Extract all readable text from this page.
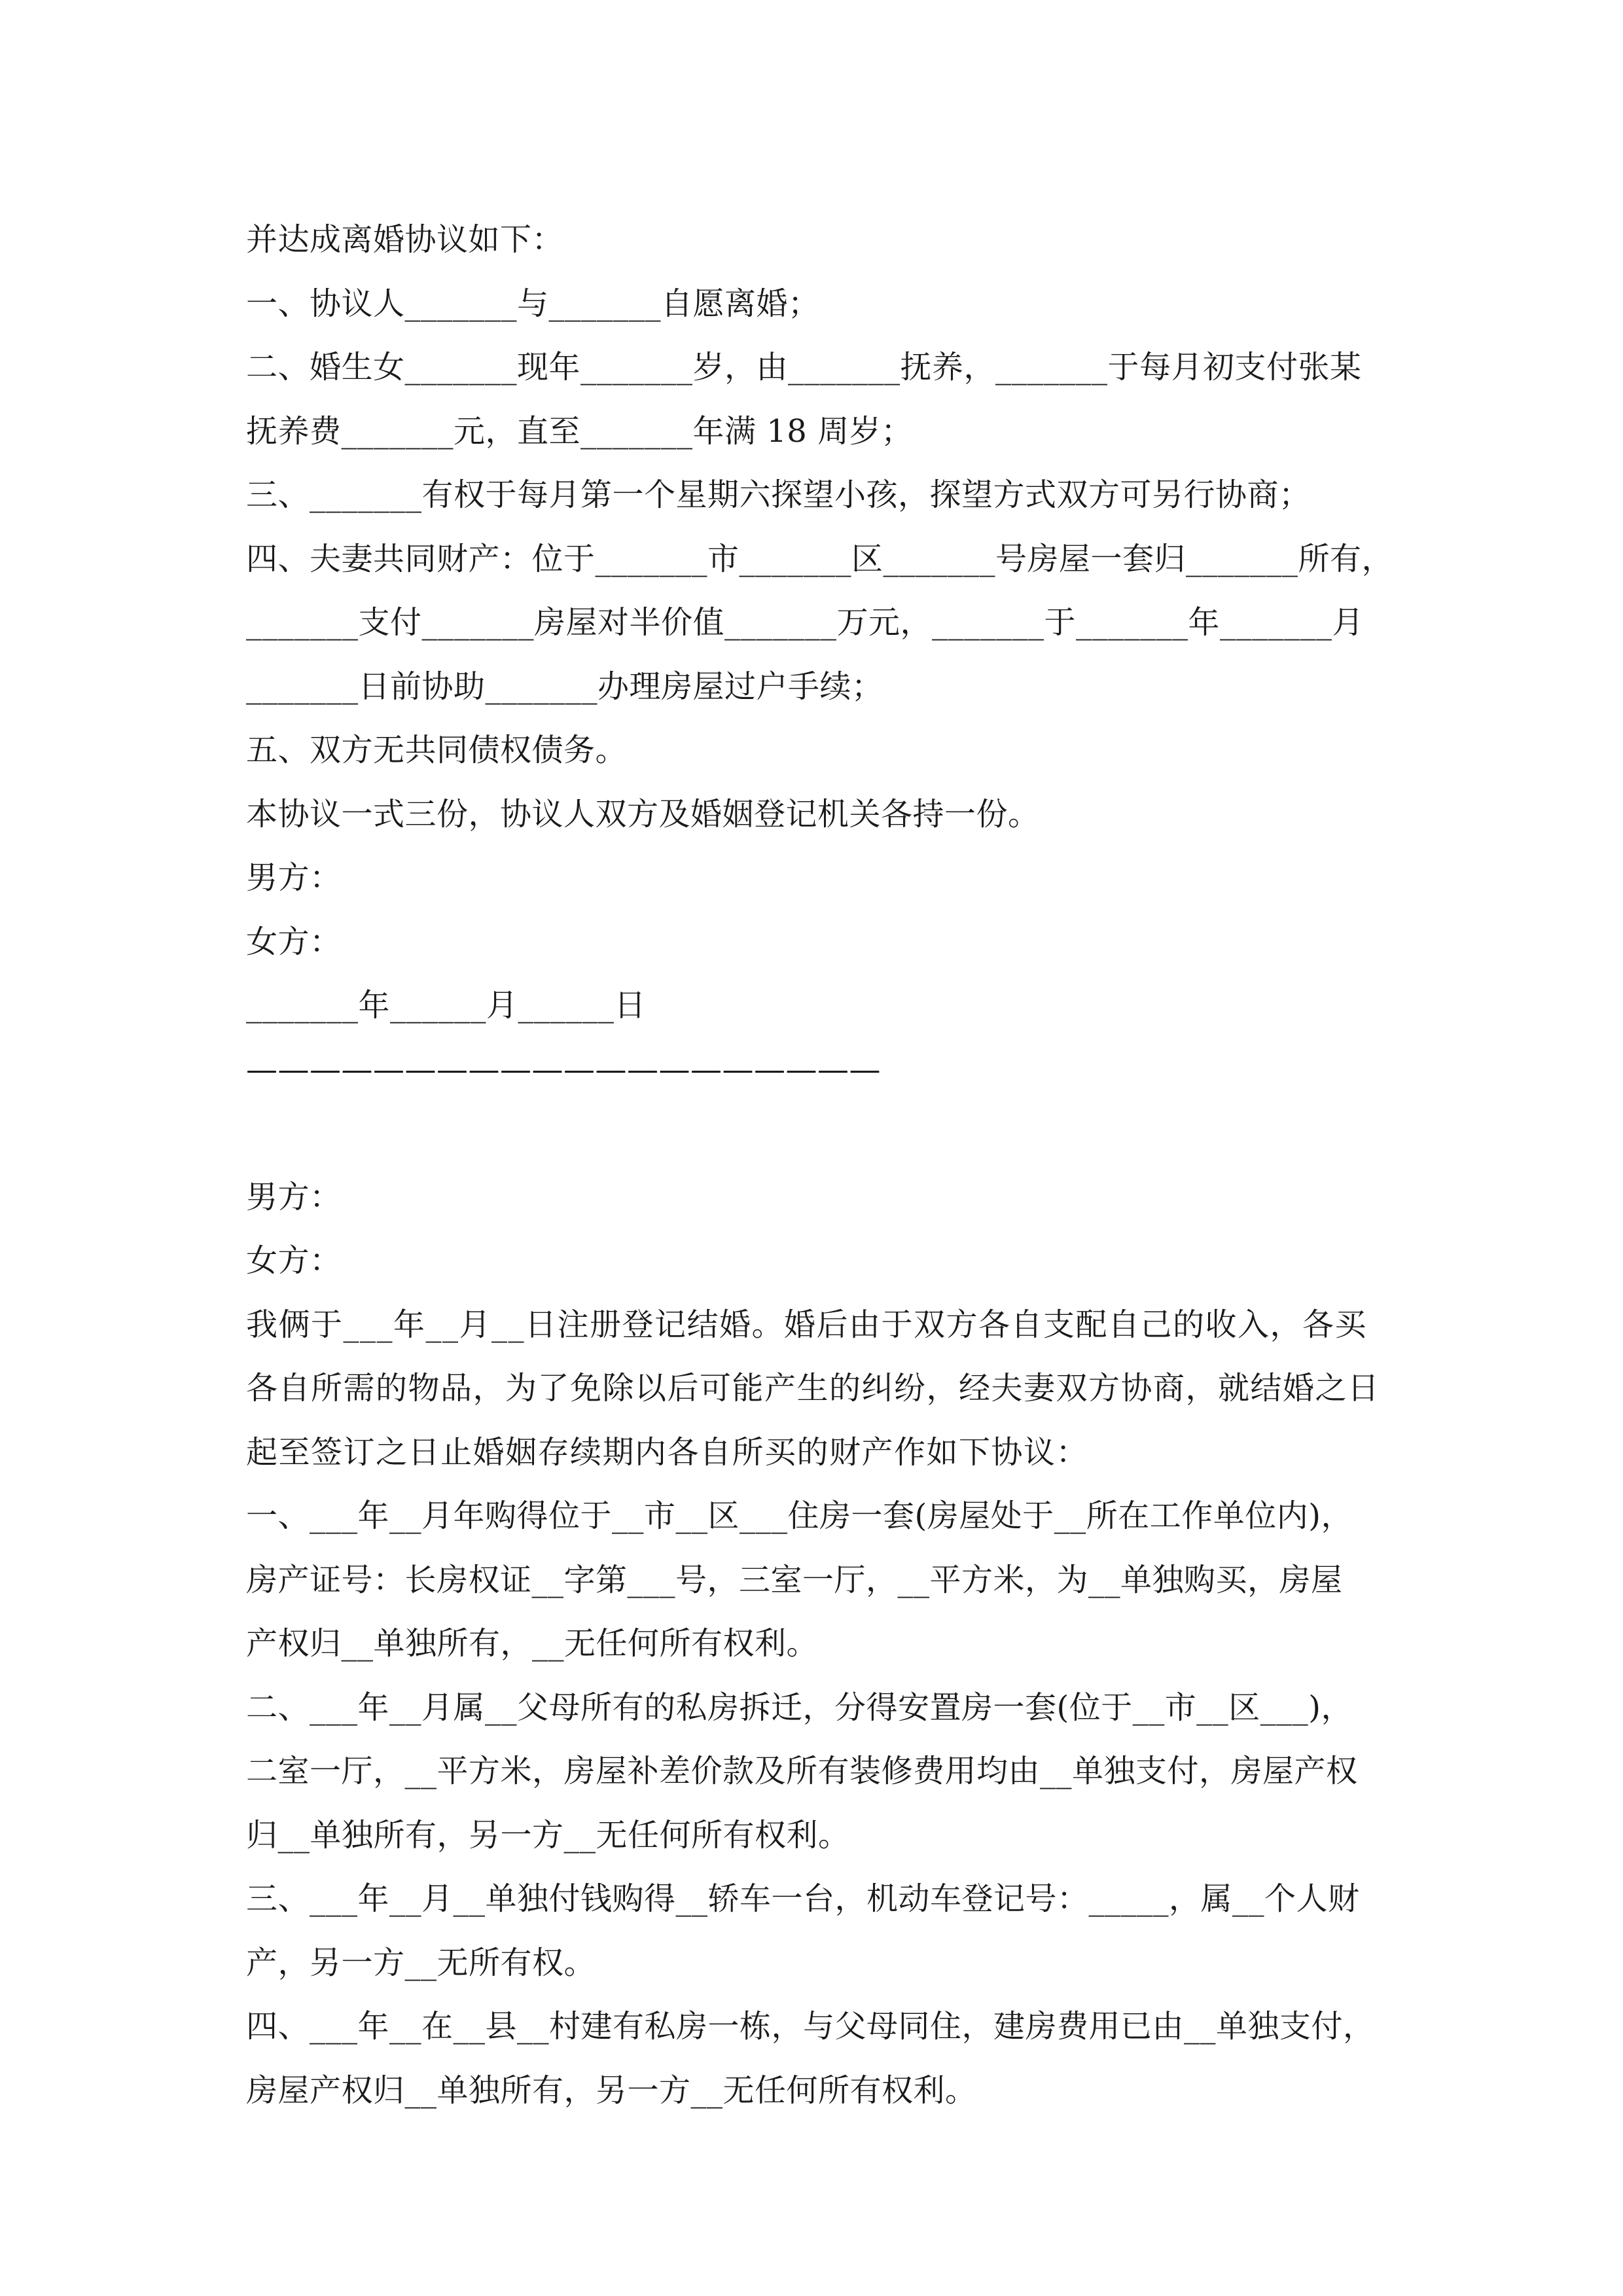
并达成离婚协议如下：
一、协议人_______与_______自愿离婚；
二、婚生女_______现年_______岁，由_______抚养，_______于每月初支付张某
抚养费_______元，直至_______年满 18 周岁；
三、_______有权于每月第一个星期六探望小孩，探望方式双方可另行协商；
四、夫妻共同财产：位于_______市_______区_______号房屋一套归_______所有，
_______支付_______房屋对半价值_______万元，_______于_______年_______月
_______日前协助_______办理房屋过户手续；
五、双方无共同债权债务。
本协议一式三份，协议人双方及婚姻登记机关各持一份。
男方：
女方：
_______年______月______日
————————————————————
男方：
女方：
我俩于___年__月__日注册登记结婚。婚后由于双方各自支配自己的收入，各买
各自所需的物品，为了免除以后可能产生的纠纷，经夫妻双方协商，就结婚之日
起至签订之日止婚姻存续期内各自所买的财产作如下协议：
一、___年__月年购得位于__市__区___住房一套(房屋处于__所在工作单位内)，
房产证号：长房权证__字第___号，三室一厅，__平方米，为__单独购买，房屋
产权归__单独所有，__无任何所有权利。
二、___年__月属__父母所有的私房拆迁，分得安置房一套(位于__市__区___)，
二室一厅，__平方米，房屋补差价款及所有装修费用均由__单独支付，房屋产权
归__单独所有，另一方__无任何所有权利。
三、___年__月__单独付钱购得__轿车一台，机动车登记号：_____，属__个人财
产，另一方__无所有权。
四、___年__在__县__村建有私房一栋，与父母同住，建房费用已由__单独支付，
房屋产权归__单独所有，另一方__无任何所有权利。
